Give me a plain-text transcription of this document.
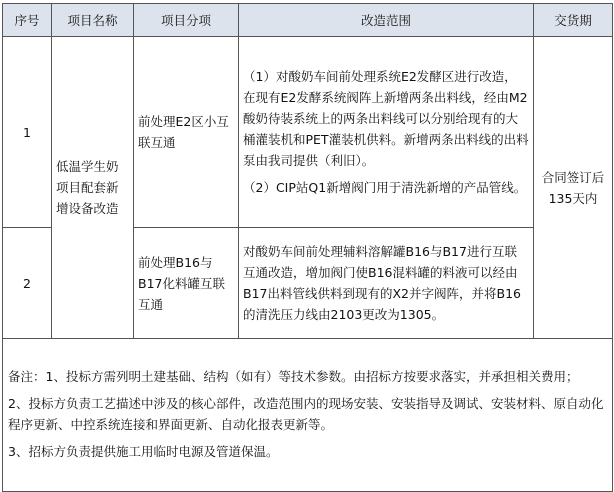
序号	项目名称	项目分项	改造范围	交货期
1	低温学生奶项目配套新增设备改造	前处理E2区小互联互通	（1）对酸奶车间前处理系统E2发酵区进行改造，在现有E2发酵系统阀阵上新增两条出料线，经由M2酸奶待装系统上的两条出料线可以分别给现有的大桶灌装机和PET灌装机供料。新增两条出料线的出料泵由我司提供（利旧）。

（2）CIP站Q1新增阀门用于清洗新增的产品管线。	合同签订后135天内
2		前处理B16与B17化料罐互联互通	对酸奶车间前处理辅料溶解罐B16与B17进行互联互通改造，增加阀门使B16混料罐的料液可以经由B17出料管线供料到现有的X2并字阀阵，并将B16的清洗压力线由2103更改为1305。	

备注：1、投标方需列明土建基础、结构（如有）等技术参数。由招标方按要求落实，并承担相关费用；

2、投标方负责工艺描述中涉及的核心部件，改造范围内的现场安装、安装指导及调试、安装材料、原自动化程序更新、中控系统连接和界面更新、自动化报表更新等。

3、招标方负责提供施工用临时电源及管道保温。				
